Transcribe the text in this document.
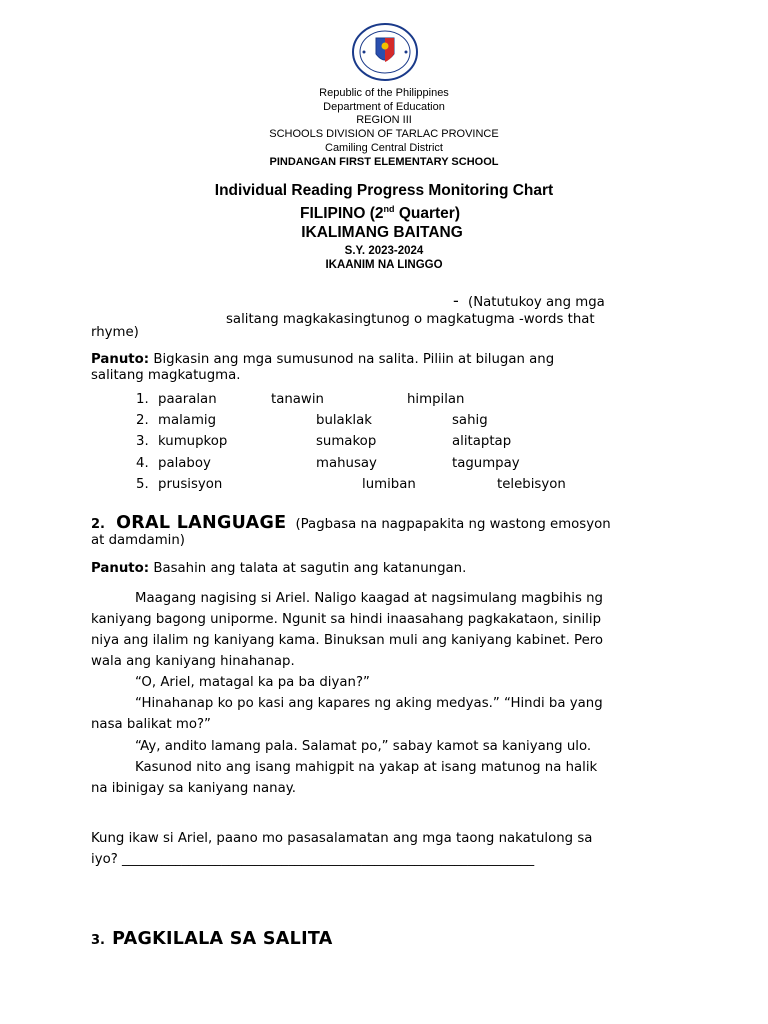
Republic of the Philippines
Department of Education
REGION III
SCHOOLS DIVISION OF TARLAC PROVINCE
Camiling Central District
PINDANGAN FIRST ELEMENTARY SCHOOL
Individual Reading Progress Monitoring Chart
FILIPINO (2nd Quarter)
IKALIMANG BAITANG
S.Y. 2023-2024
IKAANIM NA LINGGO
- (Natutukoy ang mga
salitang magkakasingtunog o magkatugma -words that
rhyme)
Panuto: Bigkasin ang mga sumusunod na salita. Piliin at bilugan ang
salitang magkatugma.
1. paaralan	tanawin	himpilan
2. malamig	bulaklak	sahig
3. kumupkop	sumakop	alitaptap
4. palaboy	mahusay	tagumpay
5. prusisyon	lumiban	telebisyon
2. ORAL LANGUAGE (Pagbasa na nagpapakita ng wastong emosyon
at damdamin)
Panuto: Basahin ang talata at sagutin ang katanungan.
Maagang nagising si Ariel. Naligo kaagad at nagsimulang magbihis ng
kaniyang bagong uniporme. Ngunit sa hindi inaasahang pagkakataon, sinilip
niya ang ilalim ng kaniyang kama. Binuksan muli ang kaniyang kabinet. Pero
wala ang kaniyang hinahanap.
“O, Ariel, matagal ka pa ba diyan?”
“Hinahanap ko po kasi ang kapares ng aking medyas.” “Hindi ba yang
nasa balikat mo?”
“Ay, andito lamang pala. Salamat po,” sabay kamot sa kaniyang ulo.
Kasunod nito ang isang mahigpit na yakap at isang matunog na halik
na ibinigay sa kaniyang nanay.
Kung ikaw si Ariel, paano mo pasasalamatan ang mga taong nakatulong sa
iyo? ______________________________________________________________
3. PAGKILALA SA SALITA
